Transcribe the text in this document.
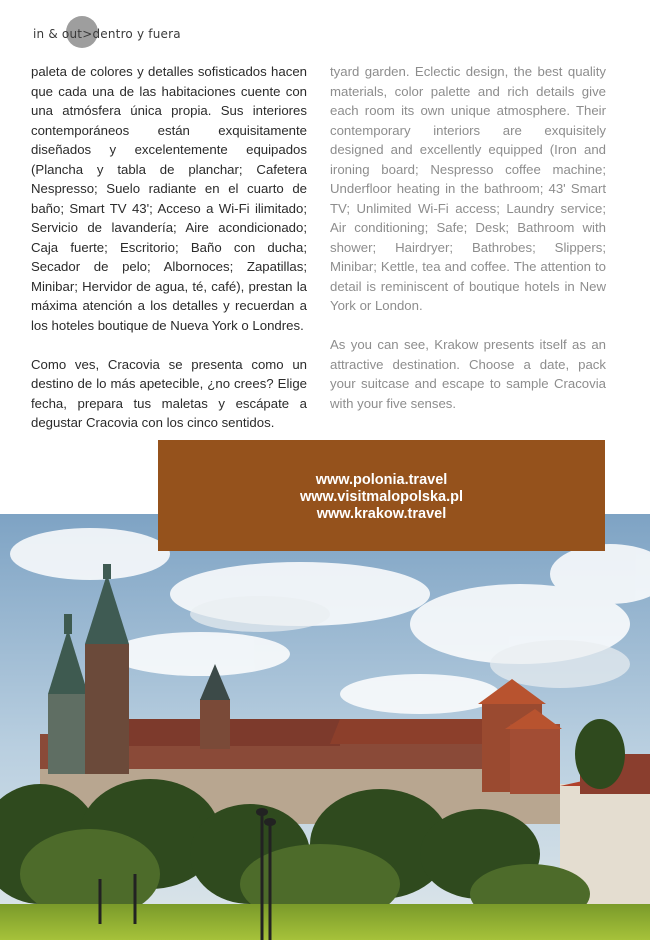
in & out > dentro y fuera

paleta de colores y detalles sofisticados hacen que cada una de las habitaciones cuente con una atmósfera única propia. Sus interiores contemporáneos están exquisitamente diseñados y excelentemente equipados (Plancha y tabla de planchar; Cafetera Nespresso; Suelo radiante en el cuarto de baño; Smart TV 43'; Acceso a Wi-Fi ilimitado; Servicio de lavandería; Aire acondicionado; Caja fuerte; Escritorio; Baño con ducha; Secador de pelo; Albornoces; Zapatillas; Minibar; Hervidor de agua, té, café), prestan la máxima atención a los detalles y recuerdan a los hoteles boutique de Nueva York o Londres.

Como ves, Cracovia se presenta como un destino de lo más apetecible, ¿no crees? Elige fecha, prepara tus maletas y escápate a degustar Cracovia con los cinco sentidos.

tyard garden. Eclectic design, the best quality materials, color palette and rich details give each room its own unique atmosphere. Their contemporary interiors are exquisitely designed and excellently equipped (Iron and ironing board; Nespresso coffee machine; Underfloor heating in the bathroom; 43' Smart TV; Unlimited Wi-Fi access; Laundry service; Air conditioning; Safe; Desk; Bathroom with shower; Hairdryer; Bathrobes; Slippers; Minibar; Kettle, tea and coffee. The attention to detail is reminiscent of boutique hotels in New York or London.

As you can see, Krakow presents itself as an attractive destination. Choose a date, pack your suitcase and escape to sample Cracovia with your five senses.

www.polonia.travel
www.visitmalopolska.pl
www.krakow.travel
